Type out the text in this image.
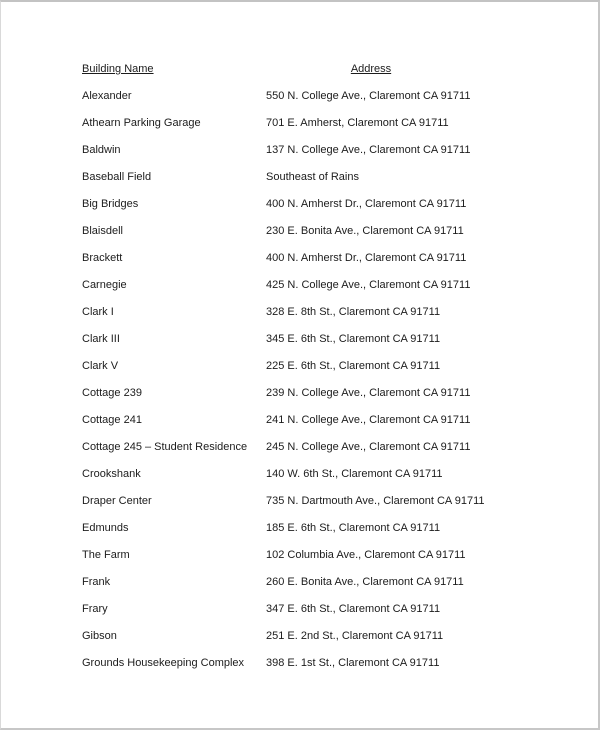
Building Name	Address
Alexander	550 N. College Ave., Claremont CA 91711
Athearn Parking Garage	701 E. Amherst, Claremont CA 91711
Baldwin	137 N. College Ave., Claremont CA 91711
Baseball Field	Southeast of Rains
Big Bridges	400 N. Amherst Dr., Claremont CA 91711
Blaisdell	230 E. Bonita Ave., Claremont CA 91711
Brackett	400 N. Amherst Dr., Claremont CA 91711
Carnegie	425 N. College Ave., Claremont CA 91711
Clark I	328 E. 8th St., Claremont CA 91711
Clark III	345 E. 6th St., Claremont CA 91711
Clark V	225 E. 6th St., Claremont CA 91711
Cottage 239	239 N. College Ave., Claremont CA 91711
Cottage 241	241 N. College Ave., Claremont CA 91711
Cottage 245 – Student Residence	245 N. College Ave., Claremont CA 91711
Crookshank	140 W. 6th St., Claremont CA 91711
Draper Center	735 N. Dartmouth Ave., Claremont CA 91711
Edmunds	185 E. 6th St., Claremont CA 91711
The Farm	102 Columbia Ave., Claremont CA 91711
Frank	260 E. Bonita Ave., Claremont CA 91711
Frary	347 E. 6th St., Claremont CA 91711
Gibson	251 E. 2nd St., Claremont CA 91711
Grounds Housekeeping Complex	398 E. 1st St., Claremont CA 91711
